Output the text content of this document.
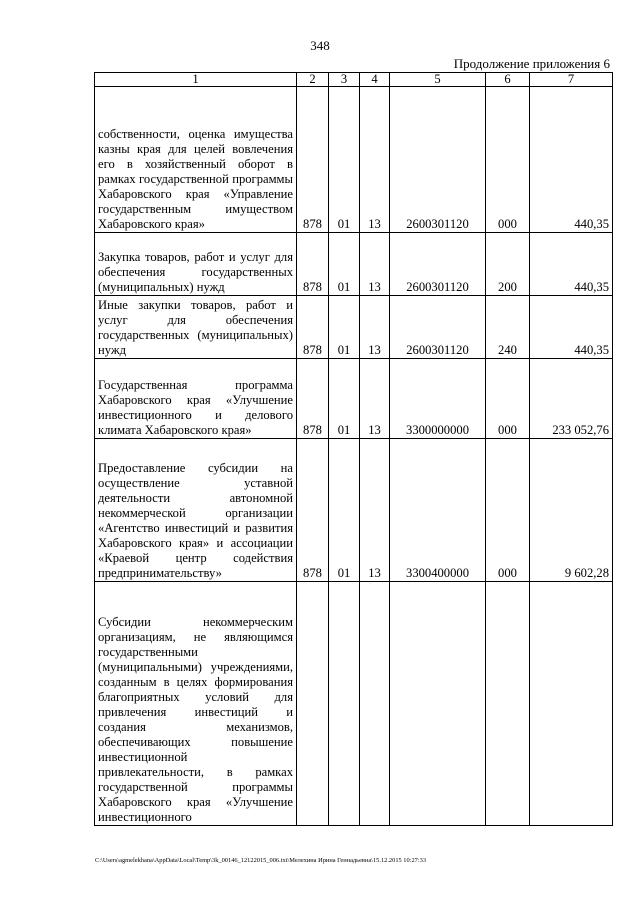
348
Продолжение приложения 6
1	2	3	4	5	6	7
собственности, оценка имущества казны края для целей вовлечения его в хозяйственный оборот в рамках государственной программы Хабаровского края «Управление государственным имуществом Хабаровского края»	878	01	13	2600301120	000	440,35
Закупка товаров, работ и услуг для обеспечения государственных (муниципальных) нужд	878	01	13	2600301120	200	440,35
Иные закупки товаров, работ и услуг для обеспечения государственных (муниципальных) нужд	878	01	13	2600301120	240	440,35
Государственная программа Хабаровского края «Улучшение инвестиционного и делового климата Хабаровского края»	878	01	13	3300000000	000	233 052,76
Предоставление субсидии на осуществление уставной деятельности автономной некоммерческой организации «Агентство инвестиций и развития Хабаровского края» и ассоциации «Краевой центр содействия предпринимательству»	878	01	13	3300400000	000	9 602,28
Субсидии некоммерческим организациям, не являющимся государственными (муниципальными) учреждениями, созданным в целях формирования благоприятных условий для привлечения инвестиций и создания механизмов, обеспечивающих повышение инвестиционной привлекательности, в рамках государственной программы Хабаровского края «Улучшение инвестиционного						
C:\Users\agmelekhana\AppData\Local\Temp\3k_00146_12122015_006.txt\Мелехина Ирина Геннадьевна\15.12.2015 10:27:33
